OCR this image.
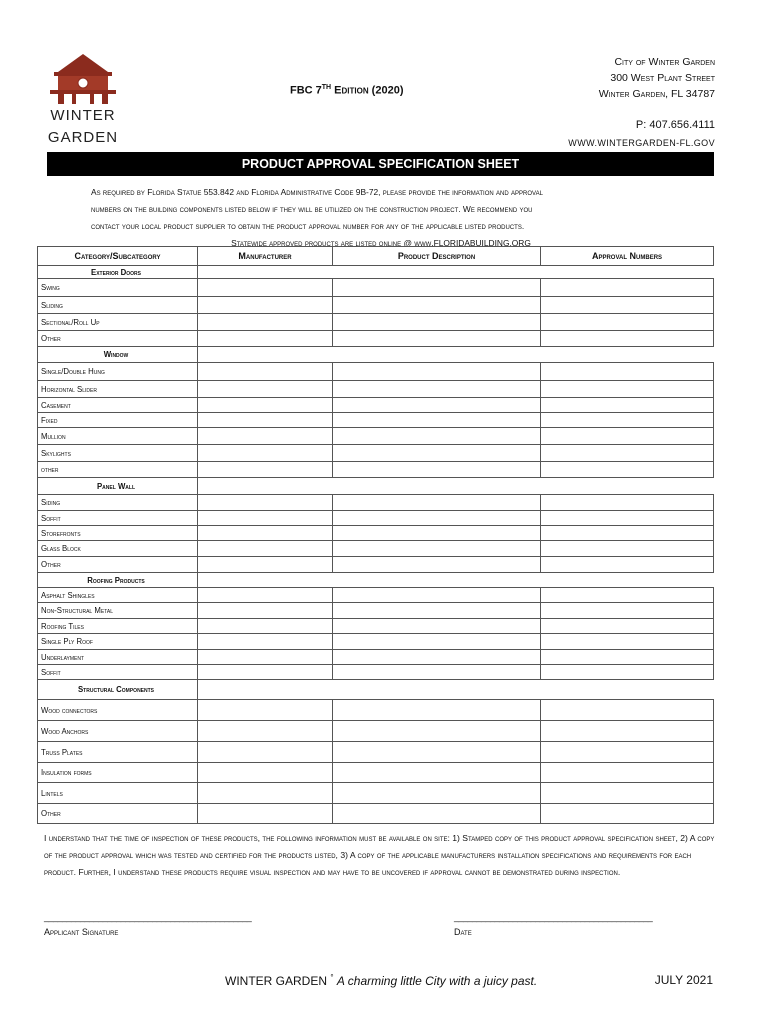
WINTER
GARDEN
FBC 7TH Edition (2020)
City of Winter Garden
300 West Plant Street
Winter Garden, FL 34787
P: 407.656.4111
WWW.WINTERGARDEN-FL.GOV
PRODUCT APPROVAL SPECIFICATION SHEET
As required by Florida Statue 553.842 and Florida Administrative Code 9B-72, please provide the information and approval
numbers on the building components listed below if they will be utilized on the construction project. We recommend you
contact your local product supplier to obtain the product approval number for any of the applicable listed products.
Statewide approved products are listed online @ www.FLORIDABUILDING.ORG
Category/Subcategory	Manufacturer	Product Description	Approval Numbers
Exterior Doors			
Swing			
Sliding			
Sectional/Roll Up			
Other			
Window			
Single/Double Hung			
Horizontal Slider			
Casement			
Fixed			
Mullion			
Skylights			
other			
Panel Wall			
Siding			
Soffit			
Storefronts			
Glass Block			
Other			
Roofing Products			
Asphalt Shingles			
Non-Structural Metal			
Roofing Tiles			
Single Ply Roof			
Underlayment			
Soffit			
Structural Components			
Wood connectors			
Wood Anchors			
Truss Plates			
Insulation forms			
Lintels			
Other			
I understand that the time of inspection of these products, the following information must be available on site: 1) Stamped copy of this product approval specification sheet, 2) A copy of the product approval which was tested and certified for the products listed, 3) A copy of the applicable manufacturers installation specifications and requirements for each product. Further, I understand these products require visual inspection and may have to be uncovered if approval cannot be demonstrated during inspection.
______________________________________________	____________________________________________
Applicant Signature	Date
WINTER GARDEN ° A charming little City with a juicy past.	JULY 2021
